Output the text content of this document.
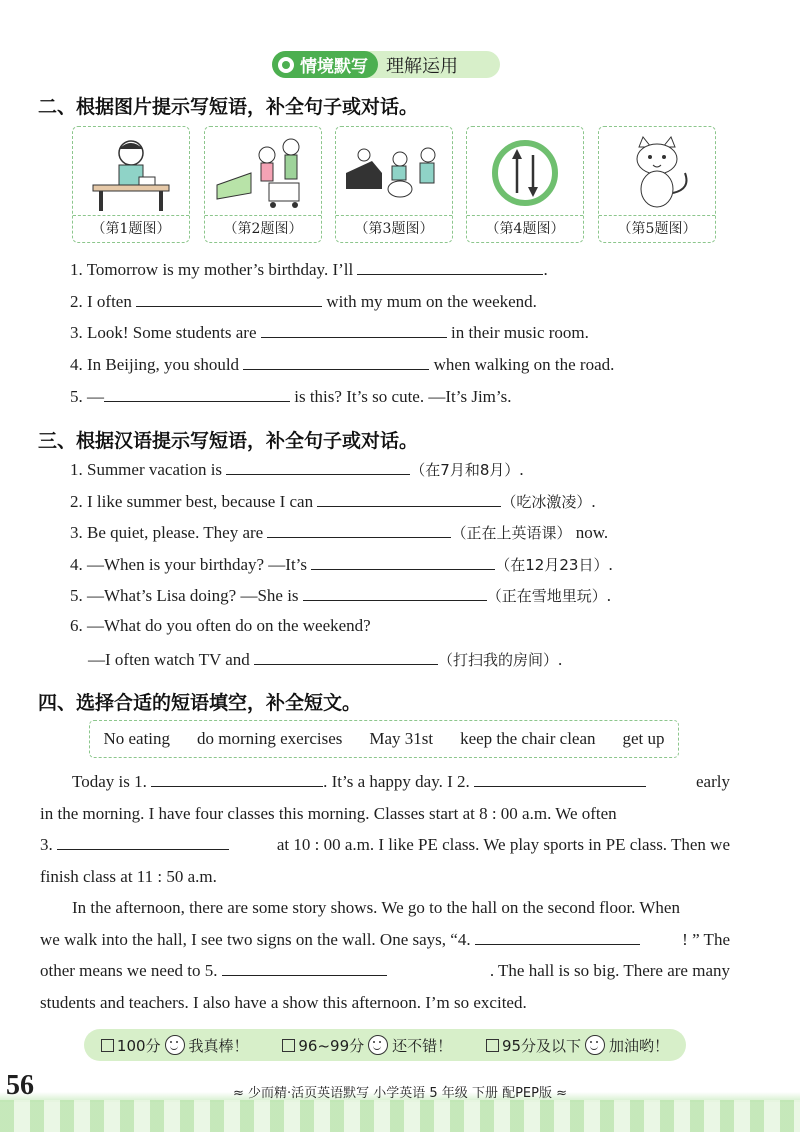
情境默写	理解运用
二、根据图片提示写短语，补全句子或对话。
（第1题图）	（第2题图）	（第3题图）	（第4题图）	（第5题图）
1. Tomorrow is my mother’s birthday. I’ll	.
2. I often	with my mum on the weekend.
3. Look! Some students are	in their music room.
4. In Beijing, you should	when walking on the road.
5. —	is this? It’s so cute. —It’s Jim’s.
三、根据汉语提示写短语，补全句子或对话。
1. Summer vacation is	（在7月和8月）.
2. I like summer best, because I can	（吃冰激凌）.
3. Be quiet, please. They are	（正在上英语课） now.
4. —When is your birthday? —It’s	（在12月23日）.
5. —What’s Lisa doing? —She is	（正在雪地里玩）.
6. —What do you often do on the weekend?
—I often watch TV and	（打扫我的房间）.
四、选择合适的短语填空，补全短文。
No eating do morning exercises May 31st keep the chair clean get up
Today is 1.	. It’s a happy day. I 2.	early
in the morning. I have four classes this morning. Classes start at 8 : 00 a.m. We often
3.	at 10 : 00 a.m. I like PE class. We play sports in PE class. Then we
finish class at 11 : 50 a.m.
In the afternoon, there are some story shows. We go to the hall on the second floor. When
we walk into the hall, I see two signs on the wall. One says, “4.	! ” The
other means we need to 5.	. The hall is so big. There are many
students and teachers. I also have a show this afternoon. I’m so excited.
100分 我真棒！	96~99分 还不错！	95分及以下 加油哟！
56	≈ 少而精·活页英语默写 小学英语 5 年级 下册 配PEP版 ≈
